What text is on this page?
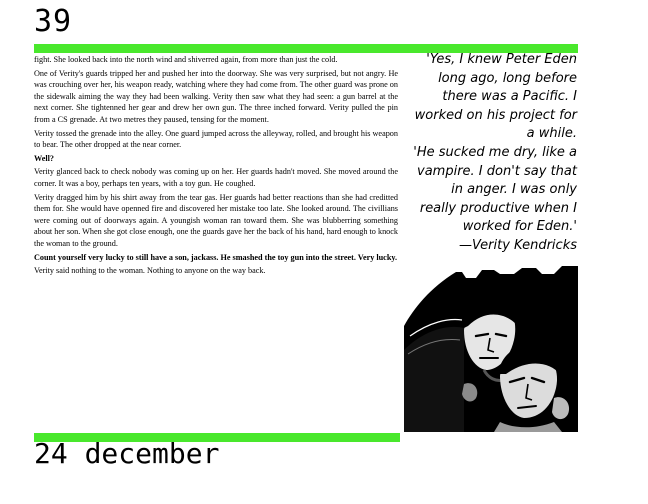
39

fight. She looked back into the north wind and shiverred again, from more than just the cold.

One of Verity's guards tripped her and pushed her into the doorway. She was very surprised, but not angry. He was crouching over her, his weapon ready, watching where they had come from. The other guard was prone on the sidewalk aiming the way they had been walking. Verity then saw what they had seen: a gun barrel at the next corner. She tightenned her gear and drew her own gun. The three inched forward. Verity pulled the pin from a CS grenade. At two metres they paused, tensing for the moment.

Verity tossed the grenade into the alley. One guard jumped across the alleyway, rolled, and brought his weapon to bear. The other dropped at the near corner.

Well?

Verity glanced back to check nobody was coming up on her. Her guards hadn't moved. She moved around the corner. It was a boy, perhaps ten years, with a toy gun. He coughed.

Verity dragged him by his shirt away from the tear gas. Her guards had better reactions than she had creditted them for. She would have openned fire and discovered her mistake too late. She looked around. The civillians were coming out of doorways again. A youngish woman ran toward them. She was blubberring something about her son. When she got close enough, one the guards gave her the back of his hand, hard enough to knock the woman to the ground.

Count yourself very lucky to still have a son, jackass. He smashed the toy gun into the street. Very lucky.

Verity said nothing to the woman. Nothing to anyone on the way back.

'Yes, I knew Peter Eden

long ago, long before

there was a Pacific. I

worked on his project for

a while.

'He sucked me dry, like a

vampire. I don't say that

in anger. I was only

really productive when I

worked for Eden.'

—Verity Kendricks

24 december
